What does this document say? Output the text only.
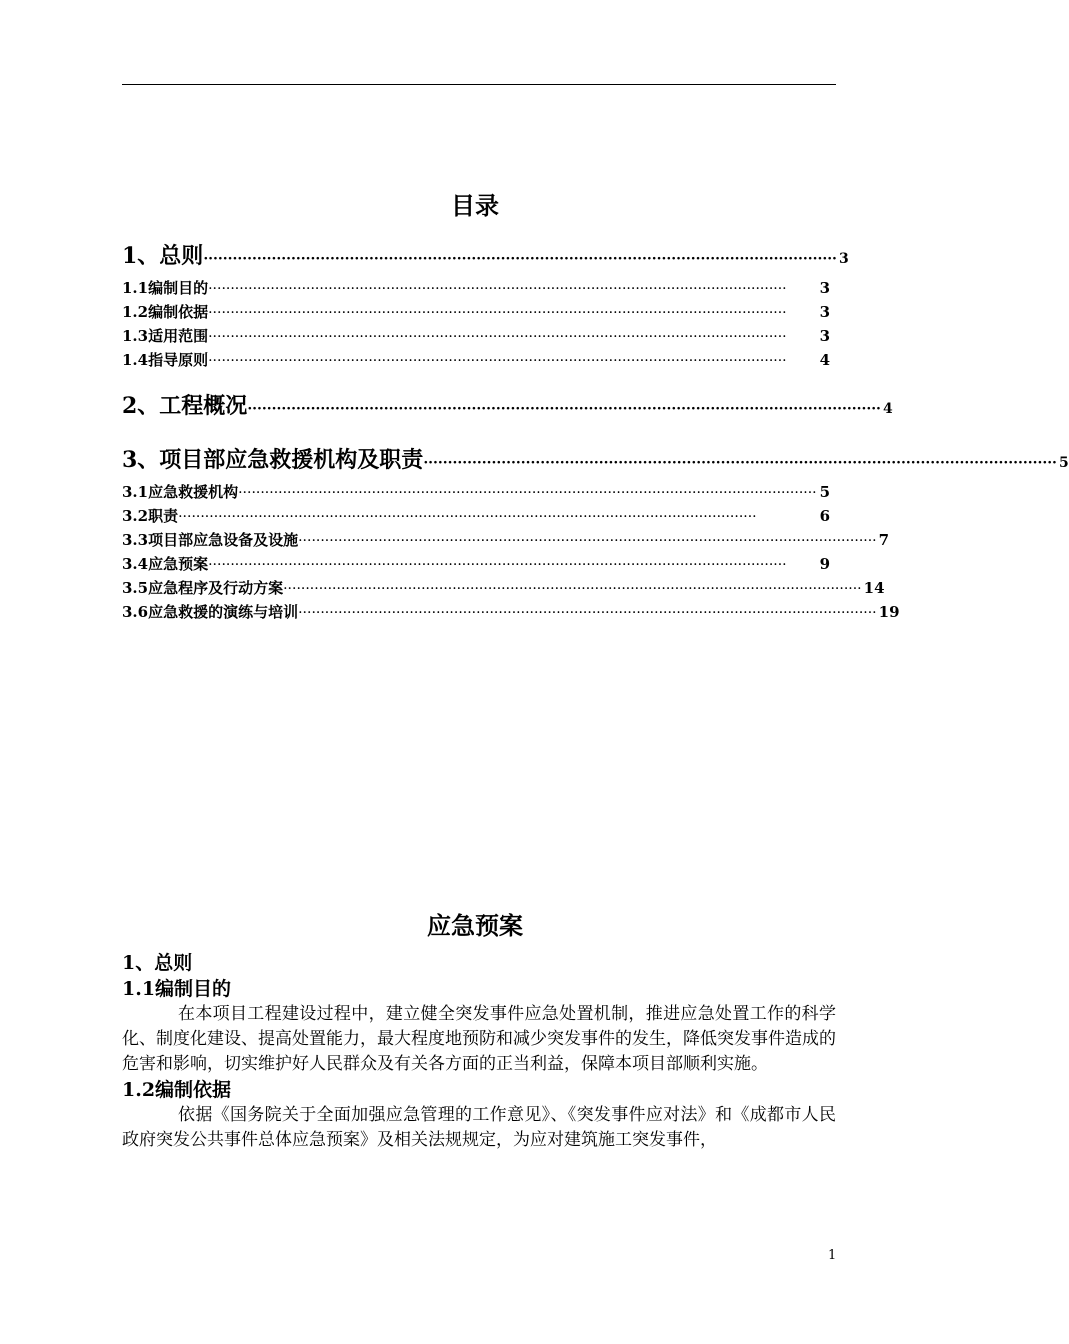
目录
1、总则 ·································································································································· 3
1.1编制目的 ··································································································································	3
1.2编制依据 ··································································································································	3
1.3适用范围 ··································································································································	3
1.4指导原则 ··································································································································	4
2、工程概况 ·································································································································· 4
3、项目部应急救援机构及职责 ·································································································································· 5
3.1应急救援机构 ·································································································································· 5
3.2职责 ··································································································································	6
3.3项目部应急设备及设施 ·································································································································· 7
3.4应急预案 ··································································································································	9
3.5应急程序及行动方案 ·································································································································· 14
3.6应急救援的演练与培训 ·································································································································· 19
应急预案
1、总则
1.1编制目的

在本项目工程建设过程中，建立健全突发事件应急处置机制，推进应急处置工作的科学化、制度化建设、提高处置能力，最大程度地预防和减少突发事件的发生，降低突发事件造成的危害和影响，切实维护好人民群众及有关各方面的正当利益，保障本项目部顺利实施。

1.2编制依据

依据《国务院关于全面加强应急管理的工作意见》、《突发事件应对法》和《成都市人民政府突发公共事件总体应急预案》及相关法规规定，为应对建筑施工突发事件，

1
